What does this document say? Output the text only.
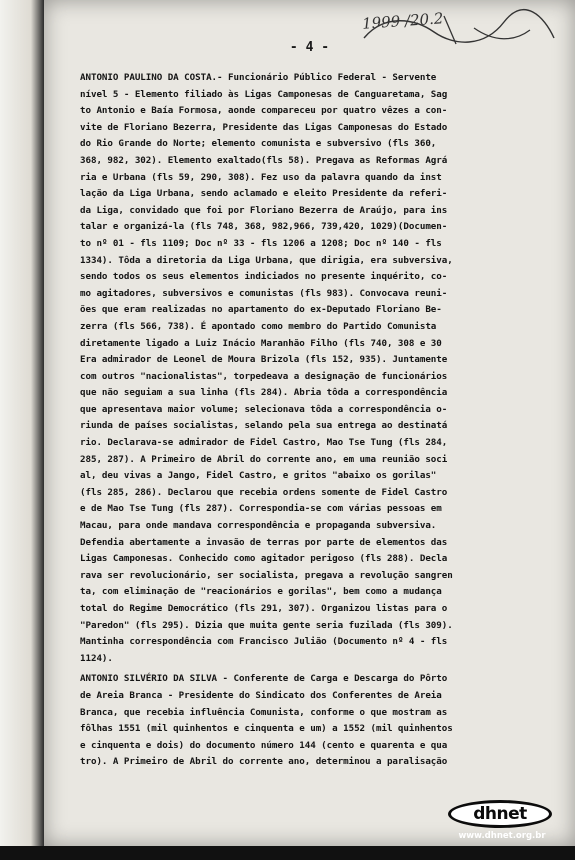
1999 /20.2
- 4 -
ANTONIO PAULINO DA COSTA.- Funcionário Público Federal - Servente
nível 5 - Elemento filiado às Ligas Camponesas de Canguaretama, Sag
to Antonio e Baía Formosa, aonde compareceu por quatro vêzes a con-
vite de Floriano Bezerra, Presidente das Ligas Camponesas do Estado
do Rio Grande do Norte; elemento comunista e subversivo (fls 360,
368, 982, 302). Elemento exaltado(fls 58). Pregava as Reformas Agrá
ria e Urbana (fls 59, 290, 308). Fez uso da palavra quando da inst
lação da Liga Urbana, sendo aclamado e eleito Presidente da referi-
da Liga, convidado que foi por Floriano Bezerra de Araújo, para ins
talar e organizá-la (fls 748, 368, 982,966, 739,420, 1029)(Documen-
to nº 01 - fls 1109; Doc nº 33 - fls 1206 a 1208; Doc nº 140 - fls
1334). Tôda a diretoria da Liga Urbana, que dirigia, era subversiva,
sendo todos os seus elementos indiciados no presente inquérito, co-
mo agitadores, subversivos e comunistas (fls 983). Convocava reuni-
ões que eram realizadas no apartamento do ex-Deputado Floriano Be-
zerra (fls 566, 738). É apontado como membro do Partido Comunista
diretamente ligado a Luiz Inácio Maranhão Filho (fls 740, 308 e 30
Era admirador de Leonel de Moura Brizola (fls 152, 935). Juntamente
com outros "nacionalistas", torpedeava a designação de funcionários
que não seguiam a sua linha (fls 284). Abria tôda a correspondência
que apresentava maior volume; selecionava tôda a correspondência o-
riunda de países socialistas, selando pela sua entrega ao destinatá
rio. Declarava-se admirador de Fidel Castro, Mao Tse Tung (fls 284,
285, 287). A Primeiro de Abril do corrente ano, em uma reunião soci
al, deu vivas a Jango, Fidel Castro, e gritos "abaixo os gorilas"
(fls 285, 286). Declarou que recebia ordens somente de Fidel Castro
e de Mao Tse Tung (fls 287). Correspondia-se com várias pessoas em
Macau, para onde mandava correspondência e propaganda subversiva.
Defendia abertamente a invasão de terras por parte de elementos das
Ligas Camponesas. Conhecido como agitador perigoso (fls 288). Decla
rava ser revolucionário, ser socialista, pregava a revolução sangren
ta, com eliminação de "reacionários e gorilas", bem como a mudança
total do Regime Democrático (fls 291, 307). Organizou listas para o
"Paredon" (fls 295). Dizia que muita gente seria fuzilada (fls 309).
Mantinha correspondência com Francisco Julião (Documento nº 4 - fls
1124).
ANTONIO SILVÉRIO DA SILVA - Conferente de Carga e Descarga do Pôrto
de Areia Branca - Presidente do Sindicato dos Conferentes de Areia
Branca, que recebia influência Comunista, conforme o que mostram as
fôlhas 1551 (mil quinhentos e cinquenta e um) a 1552 (mil quinhentos
e cinquenta e dois) do documento número 144 (cento e quarenta e qua
tro). A Primeiro de Abril do corrente ano, determinou a paralisação
dhnet
www.dhnet.org.br
